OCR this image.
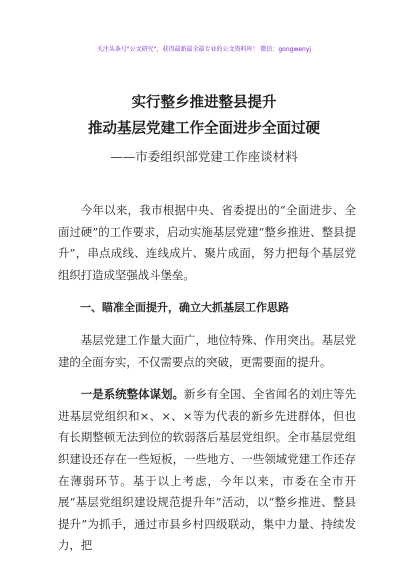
关注头条号"公文研究"，获得最新最全最专业的公文资料库！ 微信：gongwenyj
实行整乡推进整县提升
推动基层党建工作全面进步全面过硬
——市委组织部党建工作座谈材料

今年以来，我市根据中央、省委提出的“全面进步、全面过硬”的工作要求，启动实施基层党建“整乡推进、整县提升”，串点成线、连线成片、聚片成面，努力把每个基层党组织打造成坚强战斗堡垒。

一、瞄准全面提升，确立大抓基层工作思路

基层党建工作量大面广，地位特殊、作用突出。基层党建的全面夯实，不仅需要点的突破，更需要面的提升。

一是系统整体谋划。新乡有全国、全省闻名的刘庄等先进基层党组织和×、×、×等为代表的新乡先进群体，但也有长期整顿无法到位的软弱落后基层党组织。全市基层党组织建设还存在一些短板，一些地方、一些领域党建工作还存在薄弱环节。基于以上考虑，今年以来，市委在全市开展“基层党组织建设规范提升年”活动，以“整乡推进、整县提升”为抓手，通过市县乡村四级联动，集中力量、持续发力，把
